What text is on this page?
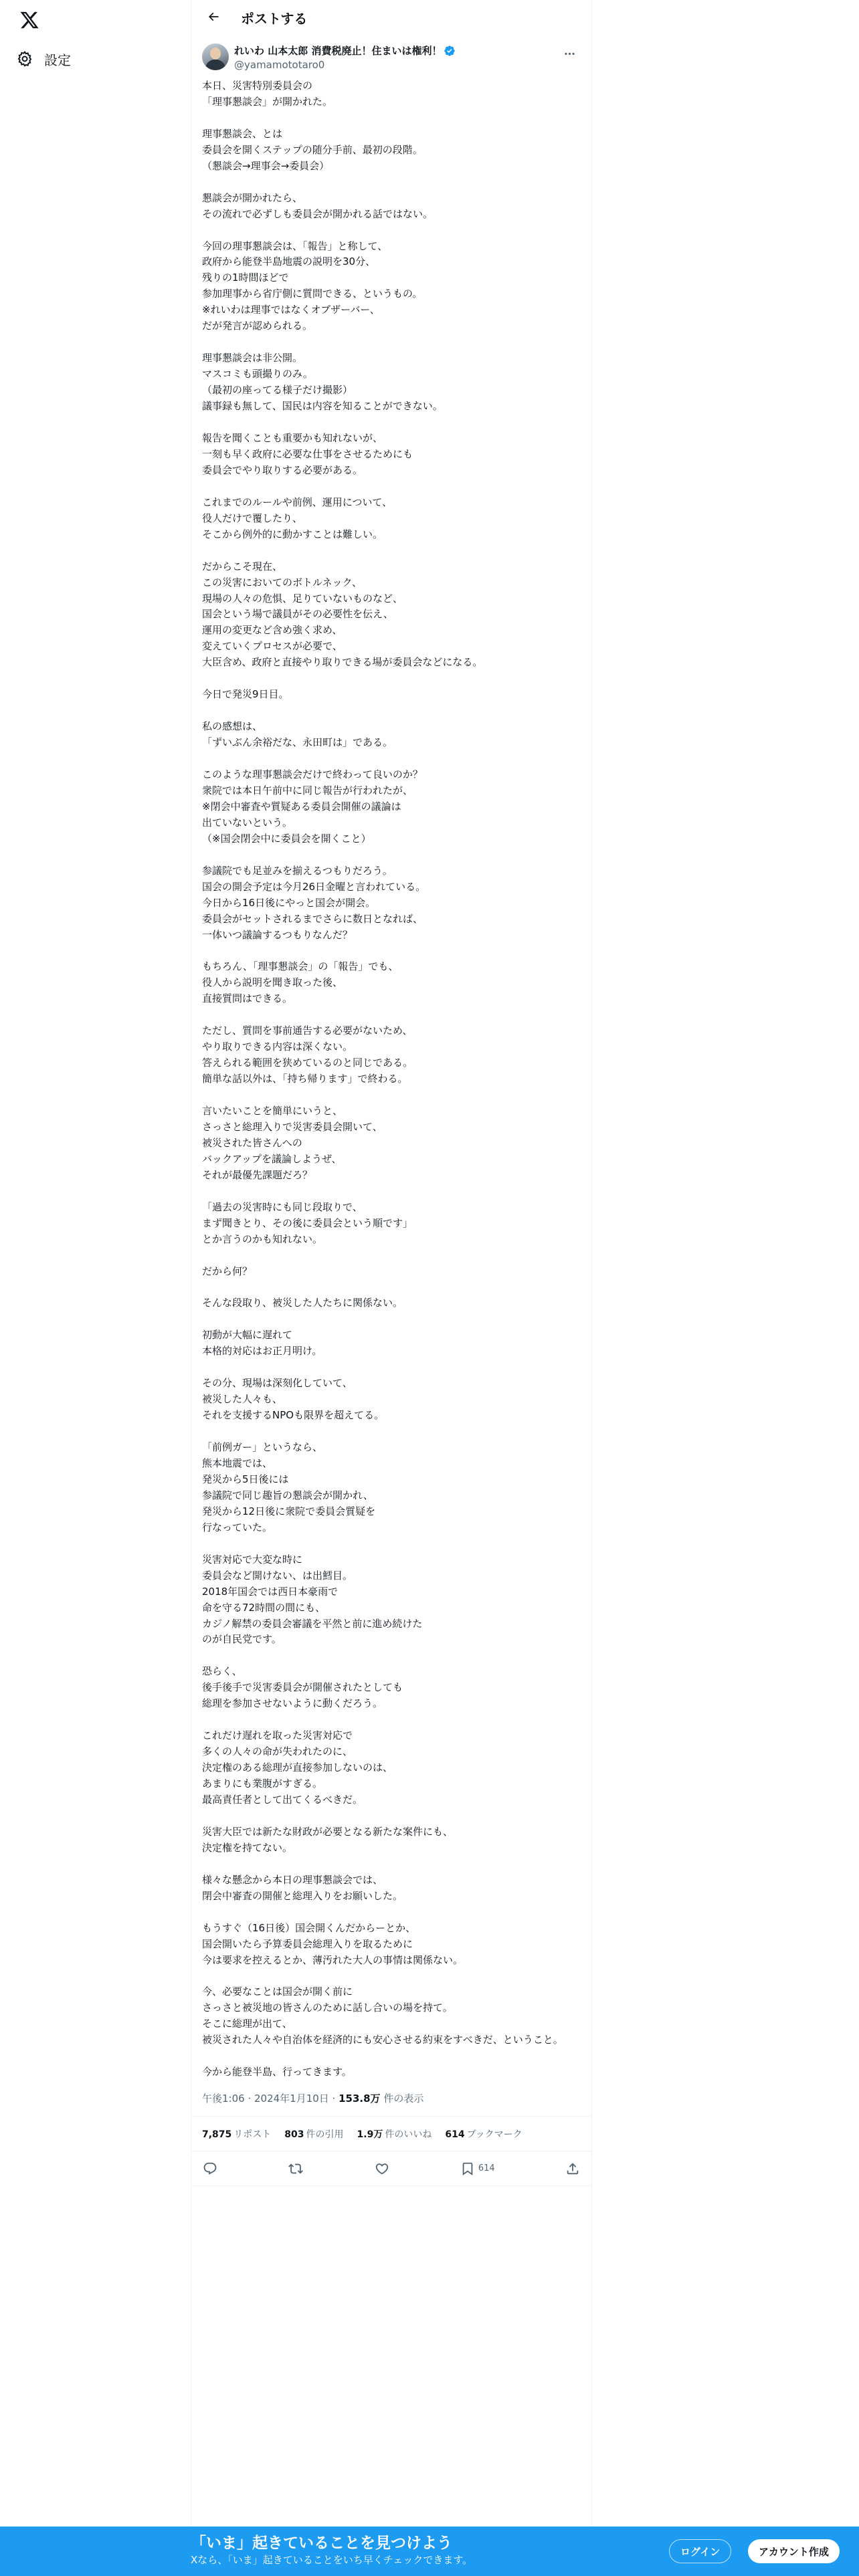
設定
ポストする
れいわ 山本太郎 消費税廃止！住まいは権利！
@yamamototaro0
本日、災害特別委員会の
「理事懇談会」が開かれた。

理事懇談会、とは
委員会を開くステップの随分手前、最初の段階。
（懇談会→理事会→委員会）

懇談会が開かれたら、
その流れで必ずしも委員会が開かれる話ではない。

今回の理事懇談会は、「報告」と称して、
政府から能登半島地震の説明を30分、
残りの1時間ほどで
参加理事から省庁側に質問できる、というもの。
※れいわは理事ではなくオブザーバー、
だが発言が認められる。

理事懇談会は非公開。
マスコミも頭撮りのみ。
（最初の座ってる様子だけ撮影）
議事録も無して、国民は内容を知ることができない。

報告を聞くことも重要かも知れないが、
一刻も早く政府に必要な仕事をさせるためにも
委員会でやり取りする必要がある。

これまでのルールや前例、運用について、
役人だけで覆したり、
そこから例外的に動かすことは難しい。

だからこそ現在、
この災害においてのボトルネック、
現場の人々の危惧、足りていないものなど、
国会という場で議員がその必要性を伝え、
運用の変更など含め強く求め、
変えていくプロセスが必要で、
大臣含め、政府と直接やり取りできる場が委員会などになる。

今日で発災9日目。

私の感想は、
「ずいぶん余裕だな、永田町は」である。

このような理事懇談会だけで終わって良いのか？
衆院では本日午前中に同じ報告が行われたが、
※閉会中審査や質疑ある委員会開催の議論は
出ていないという。
（※国会閉会中に委員会を開くこと）

参議院でも足並みを揃えるつもりだろう。
国会の開会予定は今月26日金曜と言われている。
今日から16日後にやっと国会が開会。
委員会がセットされるまでさらに数日となれば、
一体いつ議論するつもりなんだ？

もちろん、「理事懇談会」の「報告」でも、
役人から説明を聞き取った後、
直接質問はできる。

ただし、質問を事前通告する必要がないため、
やり取りできる内容は深くない。
答えられる範囲を狭めているのと同じである。
簡単な話以外は、「持ち帰ります」で終わる。

言いたいことを簡単にいうと、
さっさと総理入りで災害委員会開いて、
被災された皆さんへの
バックアップを議論しようぜ、
それが最優先課題だろ？

「過去の災害時にも同じ段取りで、
まず聞きとり、その後に委員会という順です」
とか言うのかも知れない。

だから何？

そんな段取り、被災した人たちに関係ない。

初動が大幅に遅れて
本格的対応はお正月明け。

その分、現場は深刻化していて、
被災した人々も、
それを支援するNPOも限界を超えてる。

「前例ガー」というなら、
熊本地震では、
発災から5日後には
参議院で同じ趣旨の懇談会が開かれ、
発災から12日後に衆院で委員会質疑を
行なっていた。

災害対応で大変な時に
委員会など開けない、は出鱈目。
2018年国会では西日本豪雨で
命を守る72時間の間にも、
カジノ解禁の委員会審議を平然と前に進め続けた
のが自民党です。

恐らく、
後手後手で災害委員会が開催されたとしても
総理を参加させないように動くだろう。

これだけ遅れを取った災害対応で
多くの人々の命が失われたのに、
決定権のある総理が直接参加しないのは、
あまりにも業腹がすぎる。
最高責任者として出てくるべきだ。

災害大臣では新たな財政が必要となる新たな案件にも、
決定権を持てない。

様々な懸念から本日の理事懇談会では、
閉会中審査の開催と総理入りをお願いした。

もうすぐ（16日後）国会開くんだからーとか、
国会開いたら予算委員会総理入りを取るために
今は要求を控えるとか、薄汚れた大人の事情は関係ない。

今、必要なことは国会が開く前に
さっさと被災地の皆さんのために話し合いの場を持て。
そこに総理が出て、
被災された人々や自治体を経済的にも安心させる約束をすべきだ、ということ。

今から能登半島、行ってきます。
午後1:06 · 2024年1月10日 · 153.8万 件の表示
7,875 リポスト 803 件の引用 1.9万 件のいいね 614 ブックマーク
614
「いま」起きていることを見つけよう
Xなら、「いま」起きていることをいち早くチェックできます。
ログイン	アカウント作成
